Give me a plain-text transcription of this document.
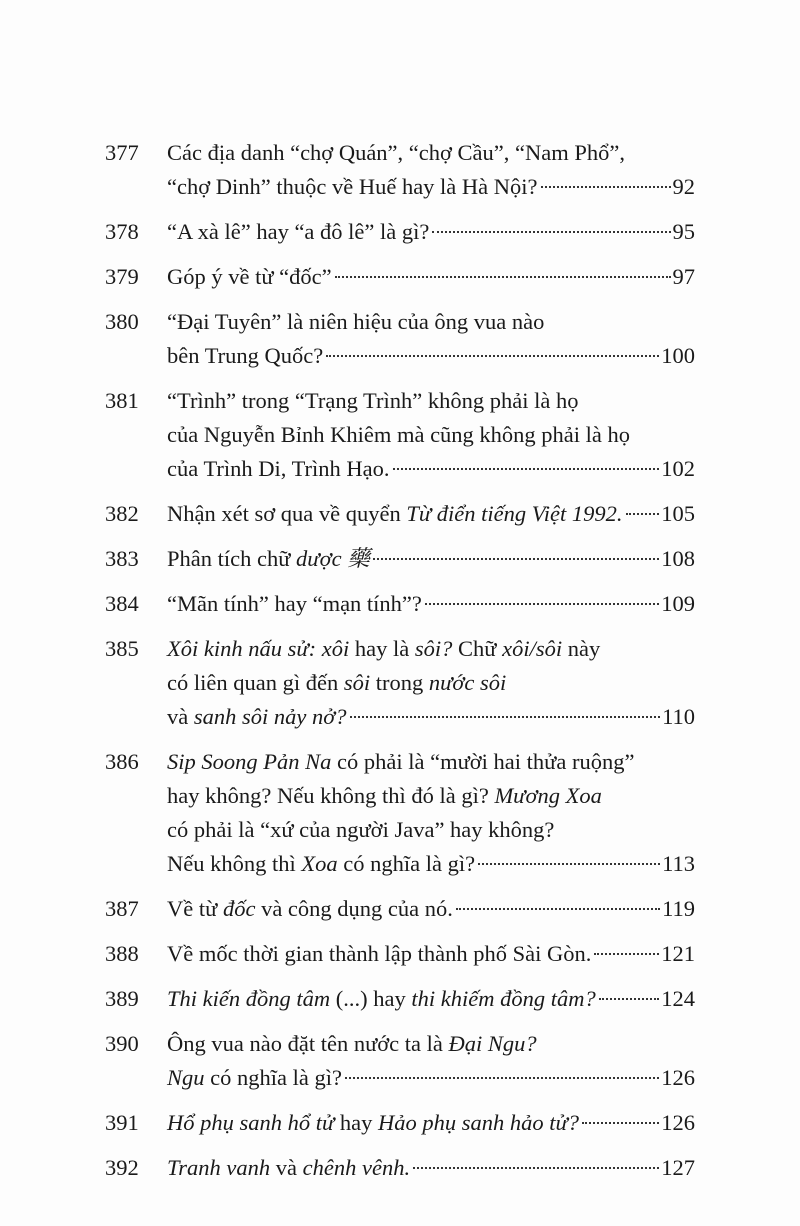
377	Các địa danh “chợ Quán”, “chợ Cầu”, “Nam Phổ”,
“chợ Dinh” thuộc về Huế hay là Hà Nội?	92
378	“A xà lê” hay “a đô lê” là gì?	95
379	Góp ý về từ “đốc”	97
380	“Đại Tuyên” là niên hiệu của ông vua nào
bên Trung Quốc?	100
381	“Trình” trong “Trạng Trình” không phải là họ
của Nguyễn Bỉnh Khiêm mà cũng không phải là họ
của Trình Di, Trình Hạo.	102
382	Nhận xét sơ qua về quyển Từ điển tiếng Việt 1992. 105
383	Phân tích chữ dược 藥	108
384	“Mãn tính” hay “mạn tính”?	109
385	Xôi kinh nấu sử: xôi hay là sôi? Chữ xôi/sôi này
có liên quan gì đến sôi trong nước sôi
và sanh sôi nảy nở?	110
386	Sip Soong Pản Na có phải là “mười hai thửa ruộng”
hay không? Nếu không thì đó là gì? Mương Xoa
có phải là “xứ của người Java” hay không?
Nếu không thì Xoa có nghĩa là gì?	113
387	Về từ đốc và công dụng của nó.	119
388	Về mốc thời gian thành lập thành phố Sài Gòn.	121
389	Thi kiến đồng tâm (...) hay thi khiếm đồng tâm?	124
390	Ông vua nào đặt tên nước ta là Đại Ngu?
Ngu có nghĩa là gì?	126
391	Hổ phụ sanh hổ tử hay Hảo phụ sanh hảo tử?	126
392	Tranh vanh và chênh vênh.	127
